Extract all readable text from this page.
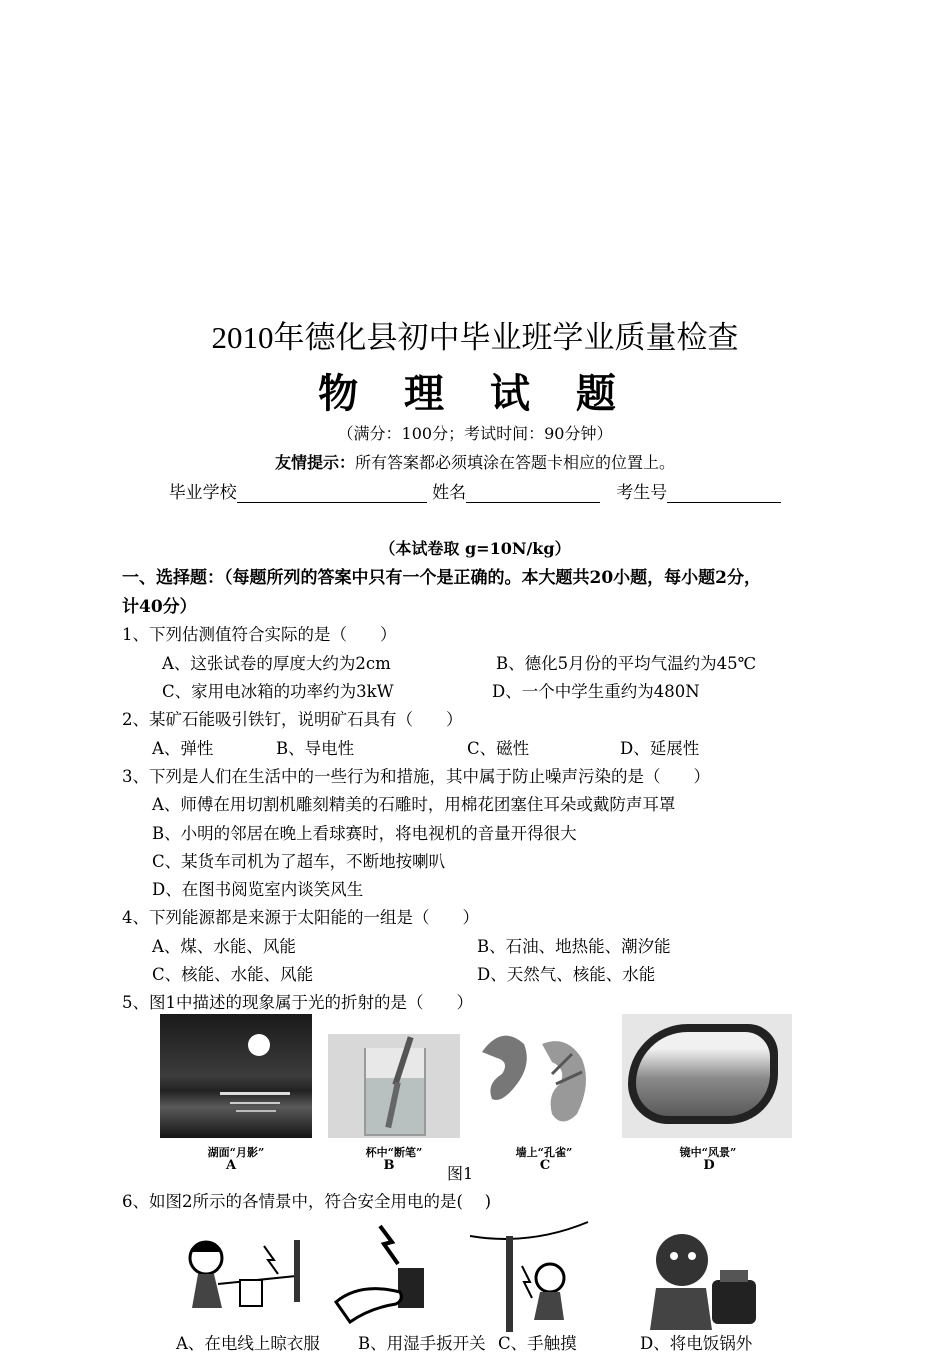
2010年德化县初中毕业班学业质量检查
物 理 试 题
（满分：100分；考试时间：90分钟）
友情提示：所有答案都必须填涂在答题卡相应的位置上。
毕业学校	姓名	考生号
（本试卷取 g=10N/kg）
一、选择题：（每题所列的答案中只有一个是正确的。本大题共20小题，每小题2分，
计40分）
1、下列估测值符合实际的是（　　）
A、这张试卷的厚度大约为2cm	B、德化5月份的平均气温约为45℃
C、家用电冰箱的功率约为3kW	D、一个中学生重约为480N
2、某矿石能吸引铁钉，说明矿石具有（　　）
A、弹性	B、导电性	C、磁性	D、延展性
3、下列是人们在生活中的一些行为和措施，其中属于防止噪声污染的是（　　）
A、师傅在用切割机雕刻精美的石雕时，用棉花团塞住耳朵或戴防声耳罩
B、小明的邻居在晚上看球赛时，将电视机的音量开得很大
C、某货车司机为了超车，不断地按喇叭
D、在图书阅览室内谈笑风生
4、下列能源都是来源于太阳能的一组是（　　）
A、煤、水能、风能	B、石油、地热能、潮汐能
C、核能、水能、风能	D、天然气、核能、水能
5、图1中描述的现象属于光的折射的是（　　）
湖面“月影”	杯中“断笔”	墙上“孔雀”	镜中“风景”
A	B	C	D
图1
6、如图2所示的各情景中，符合安全用电的是(　 )
A、在电线上晾衣服 B、用湿手扳开关 C、手触摸	D、将电饭锅外
